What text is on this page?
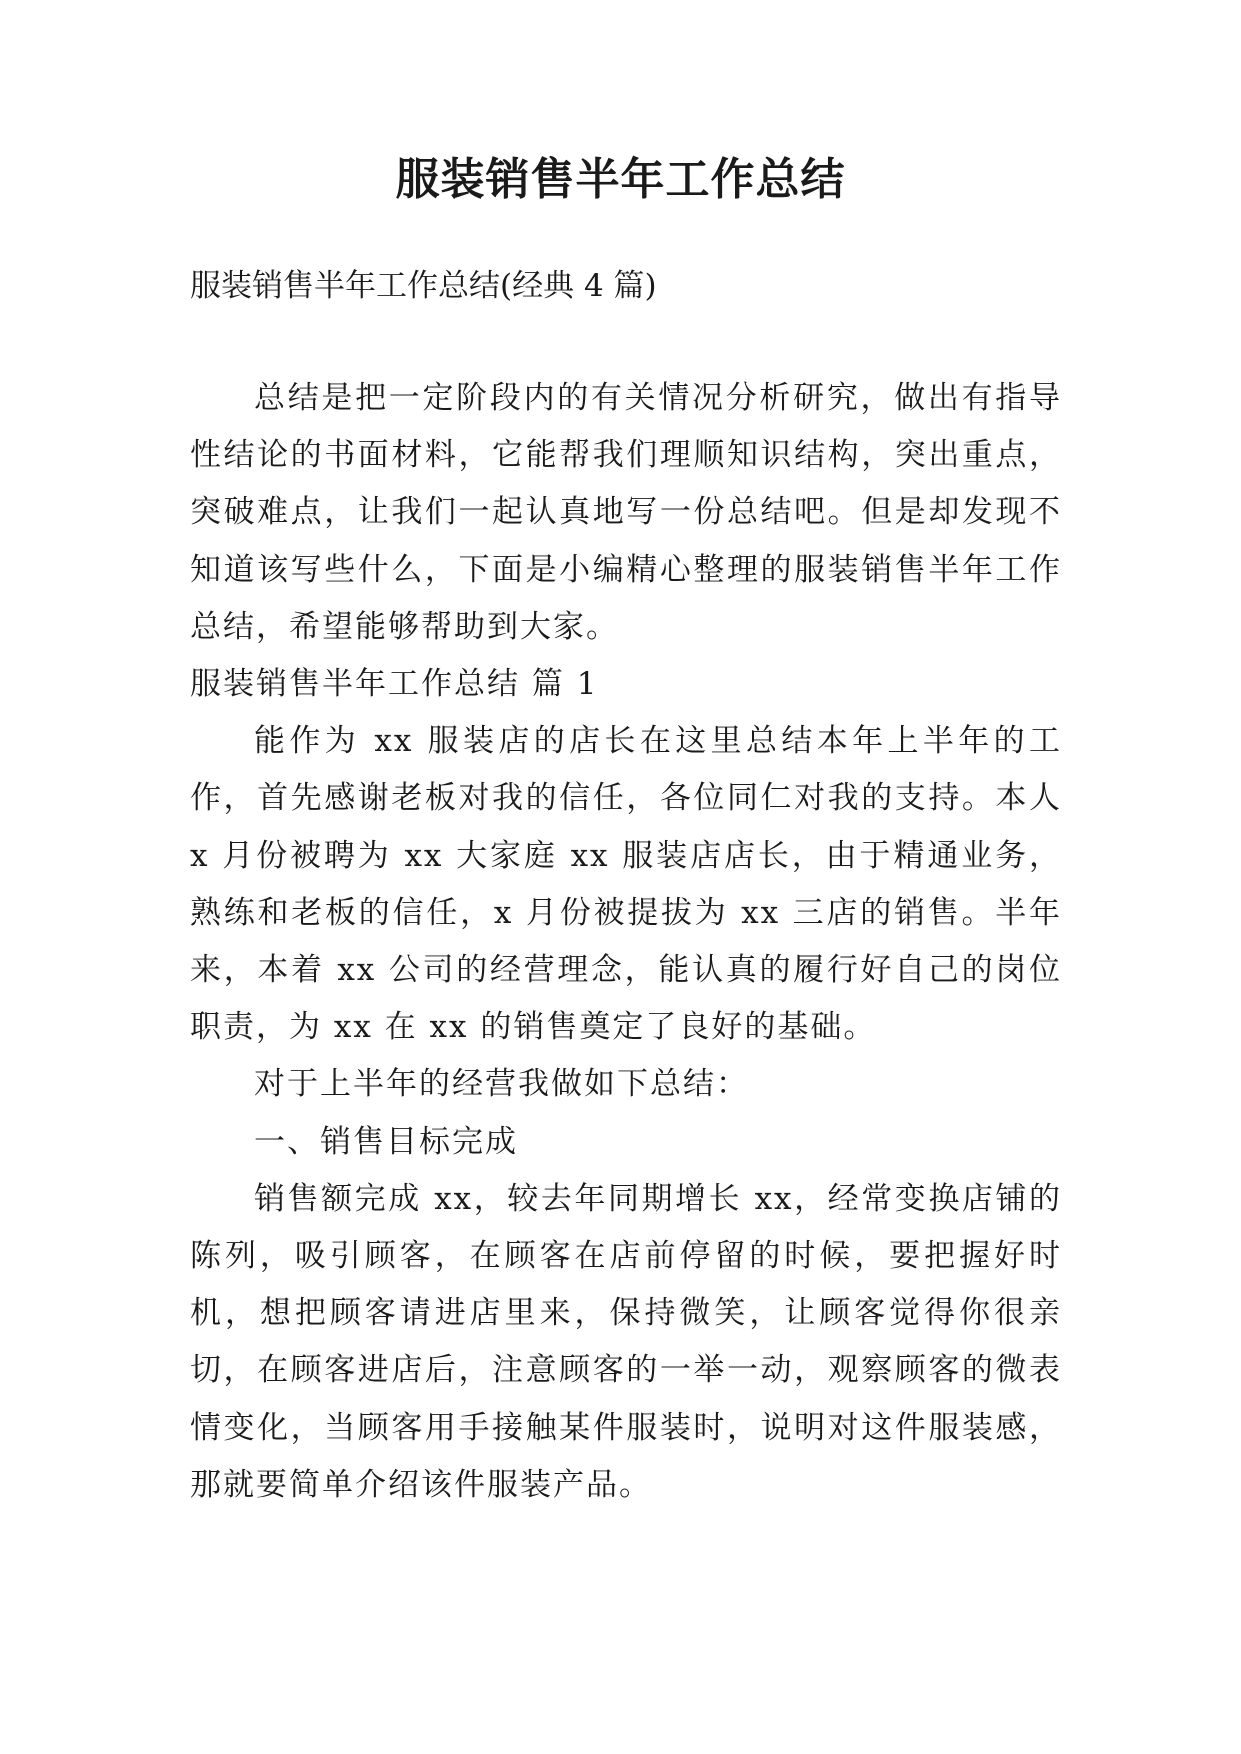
服装销售半年工作总结

服装销售半年工作总结(经典 4 篇)

总结是把一定阶段内的有关情况分析研究，做出有指导性结论的书面材料，它能帮我们理顺知识结构，突出重点，突破难点，让我们一起认真地写一份总结吧。但是却发现不知道该写些什么，下面是小编精心整理的服装销售半年工作总结，希望能够帮助到大家。

服装销售半年工作总结 篇 1

能作为 xx 服装店的店长在这里总结本年上半年的工作，首先感谢老板对我的信任，各位同仁对我的支持。本人 x 月份被聘为 xx 大家庭 xx 服装店店长，由于精通业务，熟练和老板的信任，x 月份被提拔为 xx 三店的销售。半年来，本着 xx 公司的经营理念，能认真的履行好自己的岗位职责，为 xx 在 xx 的销售奠定了良好的基础。

对于上半年的经营我做如下总结：

一、销售目标完成

销售额完成 xx，较去年同期增长 xx，经常变换店铺的陈列，吸引顾客，在顾客在店前停留的时候，要把握好时机，想把顾客请进店里来，保持微笑，让顾客觉得你很亲切，在顾客进店后，注意顾客的一举一动，观察顾客的微表情变化，当顾客用手接触某件服装时，说明对这件服装感，那就要简单介绍该件服装产品。
